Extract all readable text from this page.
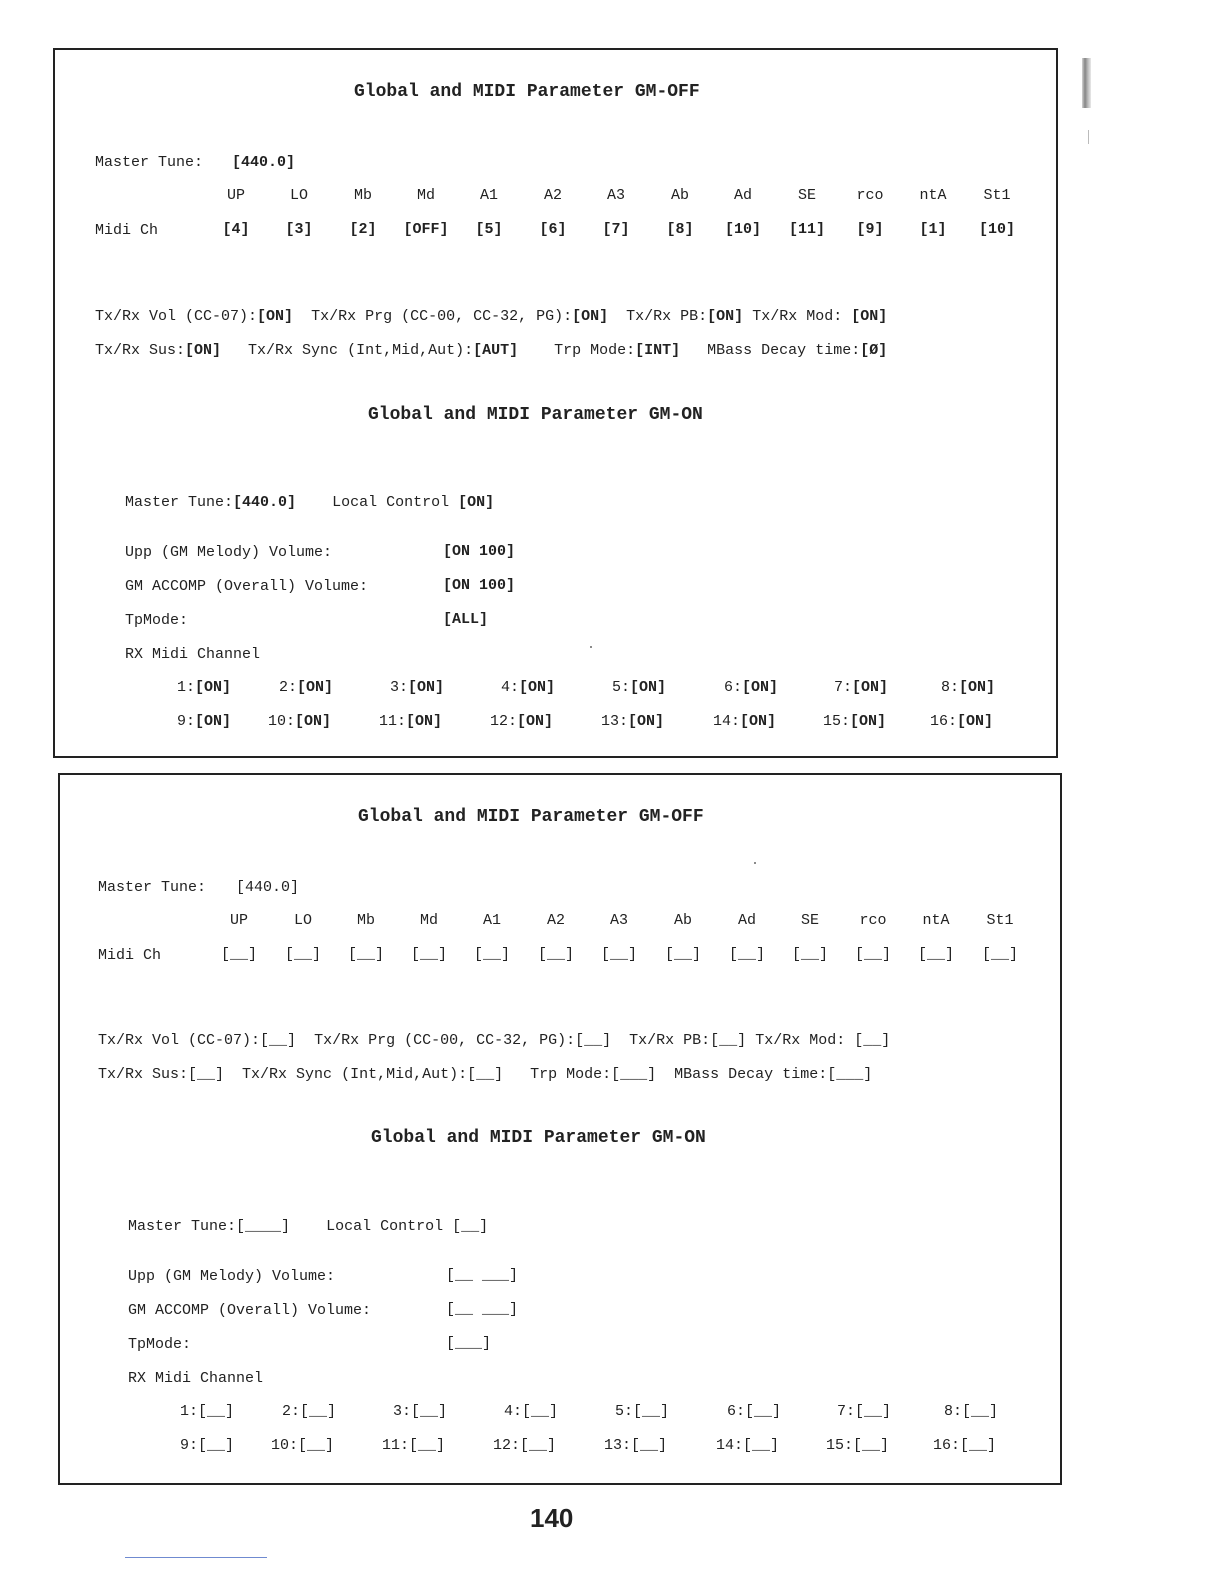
Global and MIDI Parameter GM-OFF
Master Tune: [440.0]
UP	LO	Mb	Md	A1	A2	A3	Ab	Ad	SE	rco	ntA	St1
Midi Ch	[4]	[3]	[2]	[OFF]	[5]	[6]	[7]	[8]	[10]	[11]	[9]	[1]	[10]

Tx/Rx Vol (CC-07):[ON] Tx/Rx Prg (CC-00, CC-32, PG):[ON] Tx/Rx PB:[ON] Tx/Rx Mod: [ON]

Tx/Rx Sus:[ON] Tx/Rx Sync (Int,Mid,Aut):[AUT] Trp Mode:[INT] MBass Decay time:[Ø]
Global and MIDI Parameter GM-ON

Master Tune:[440.0] Local Control [ON]
Upp (GM Melody) Volume:	[ON 100]
GM ACCOMP (Overall) Volume:	[ON 100]
TpMode:	[ALL]
RX Midi Channel
1:[ON]	2:[ON]	3:[ON]	4:[ON]	5:[ON]	6:[ON]	7:[ON]	8:[ON]
9:[ON] 10:[ON]	11:[ON]	12:[ON]	13:[ON]	14:[ON]	15:[ON]	16:[ON]
Global and MIDI Parameter GM-OFF
Master Tune: [440.0]
UP	LO	Mb	Md	A1	A2	A3	Ab	Ad	SE	rco	ntA	St1
Midi Ch	[__]	[__]	[__]	[__]	[__]	[__]	[__]	[__]	[__]	[__]	[__]	[__]	[__]

Tx/Rx Vol (CC-07):[__] Tx/Rx Prg (CC-00, CC-32, PG):[__] Tx/Rx PB:[__] Tx/Rx Mod: [__]

Tx/Rx Sus:[__] Tx/Rx Sync (Int,Mid,Aut):[__] Trp Mode:[___] MBass Decay time:[___]
Global and MIDI Parameter GM-ON

Master Tune:[____] Local Control [__]
Upp (GM Melody) Volume:	[__ ___]
GM ACCOMP (Overall) Volume:	[__ ___]
TpMode:	[___]
RX Midi Channel
1:[__]	2:[__]	3:[__]	4:[__]	5:[__]	6:[__]	7:[__]	8:[__]
9:[__] 10:[__]	11:[__]	12:[__]	13:[__]	14:[__]	15:[__]	16:[__]
140
